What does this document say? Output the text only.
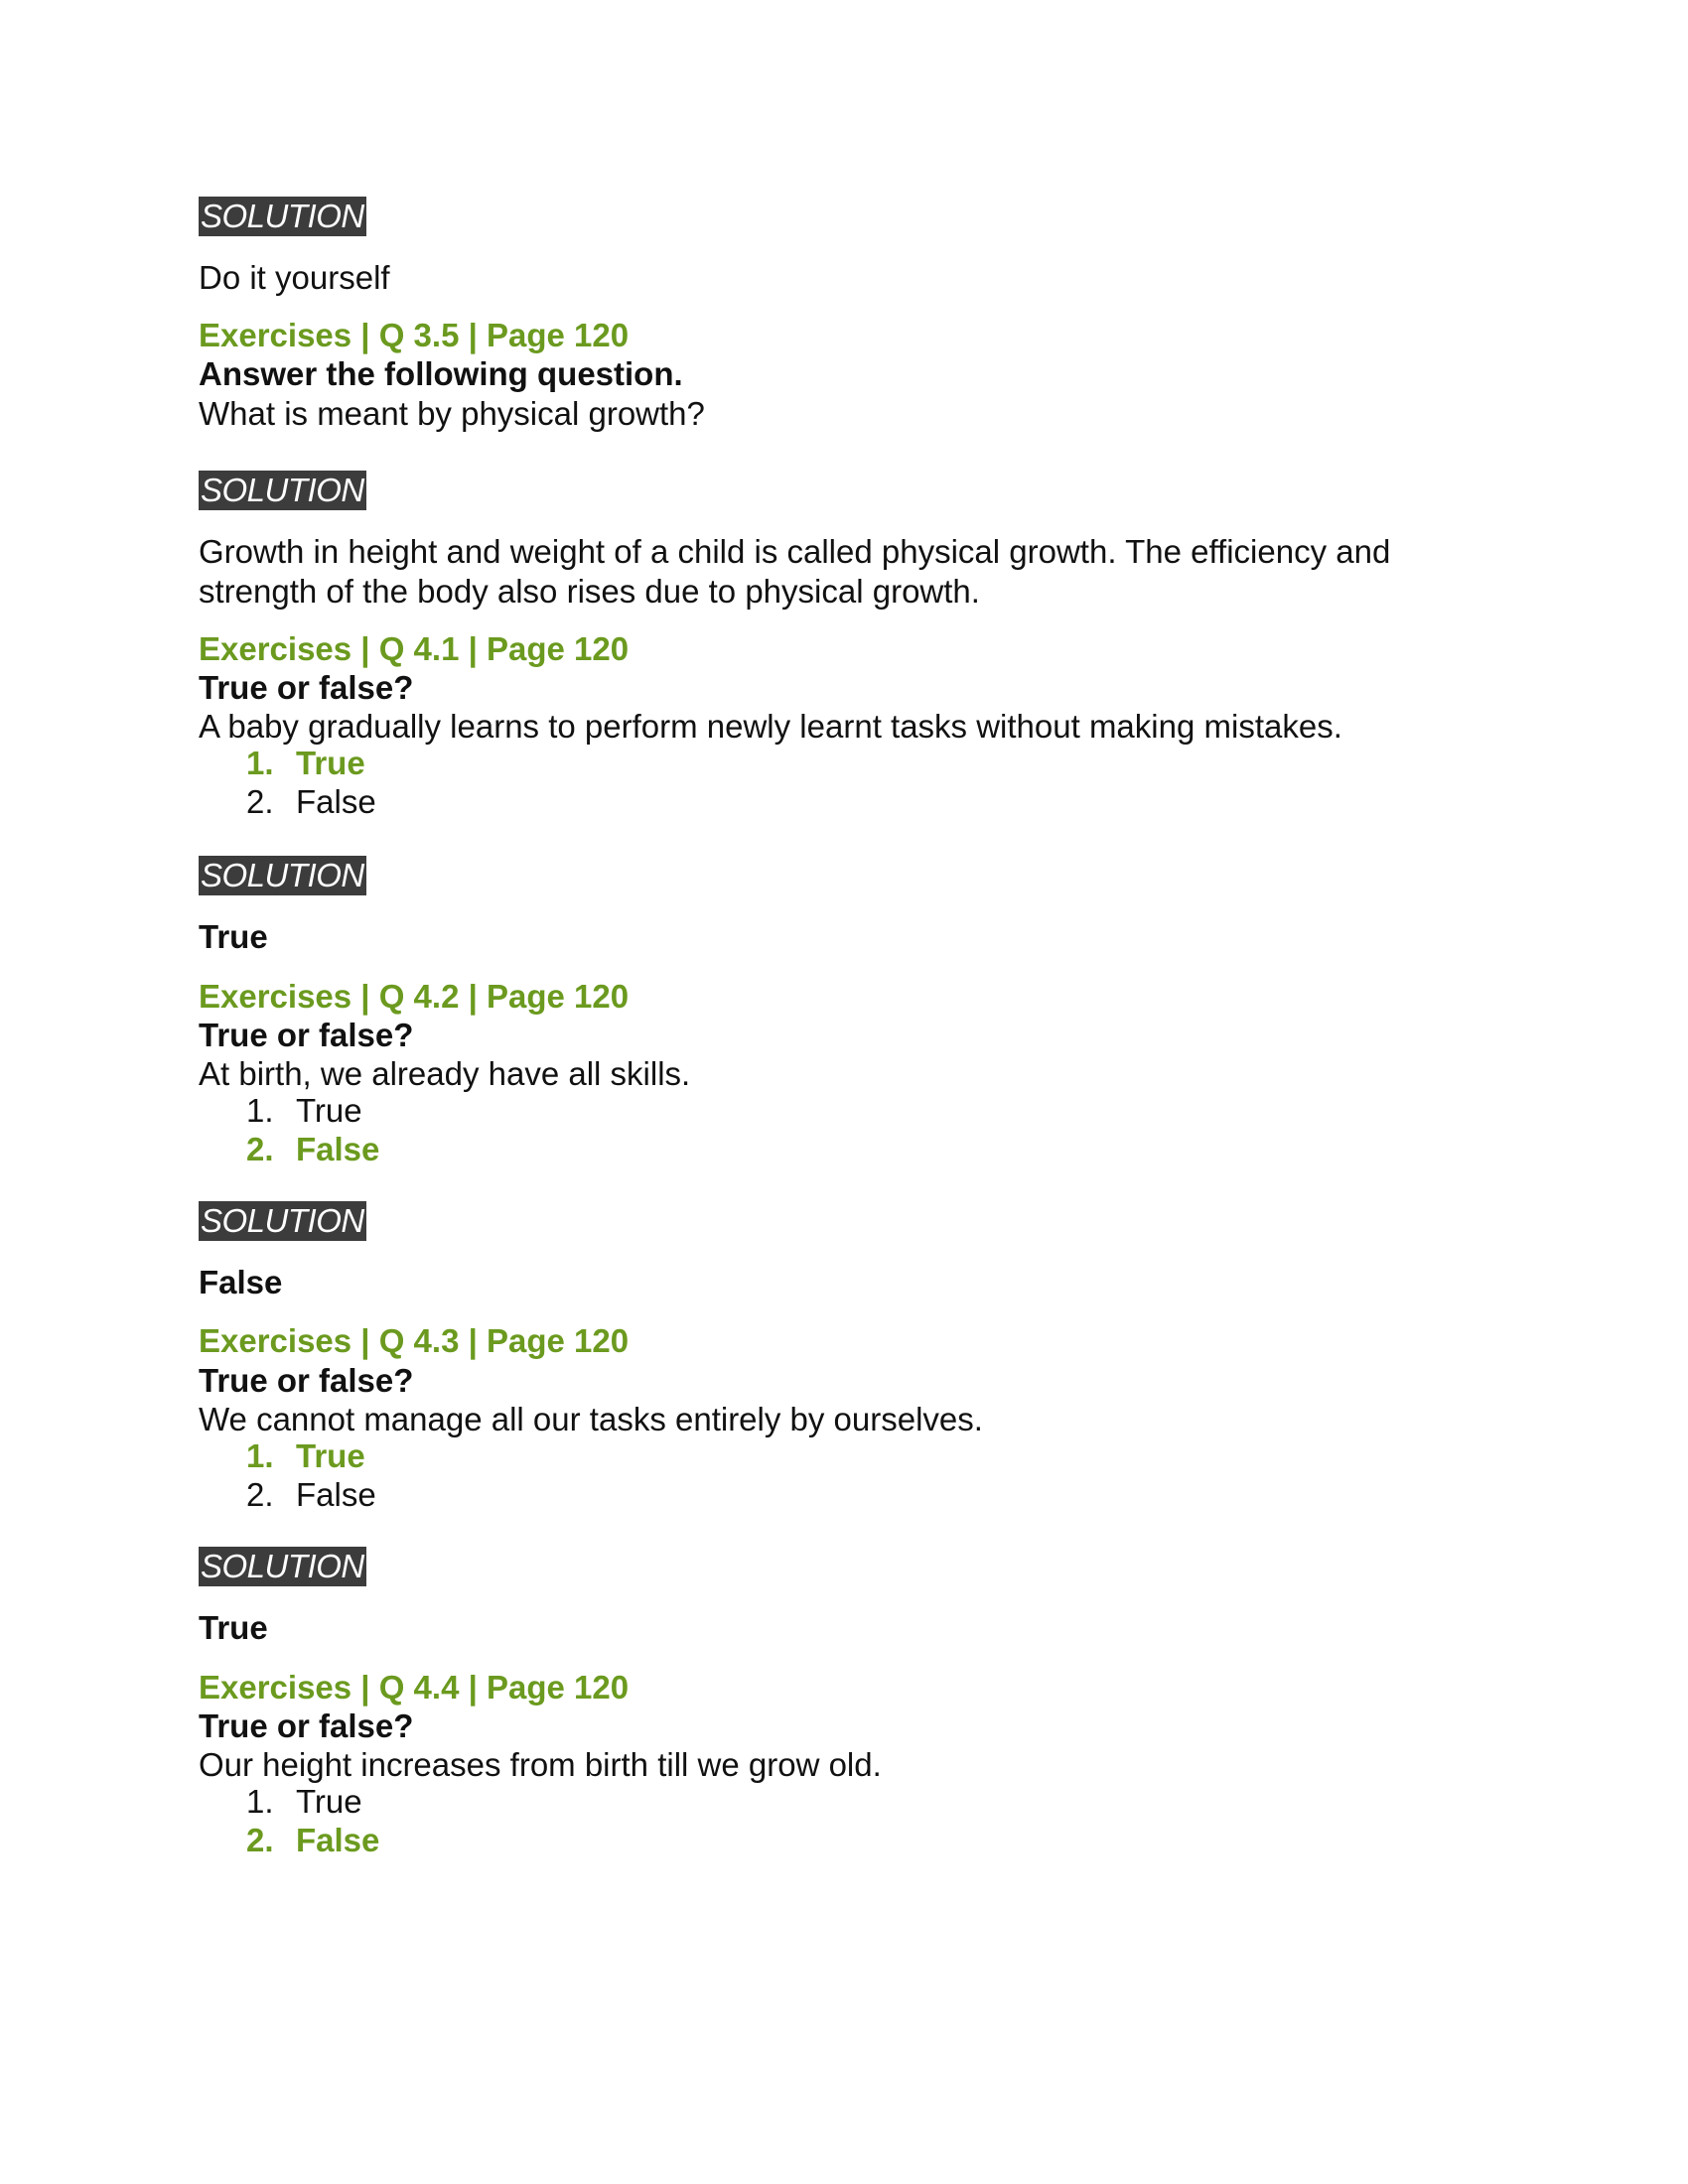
SOLUTION
Do it yourself
Exercises | Q 3.5 | Page 120
Answer the following question.
What is meant by physical growth?
SOLUTION
Growth in height and weight of a child is called physical growth. The efficiency and strength of the body also rises due to physical growth.
Exercises | Q 4.1 | Page 120
True or false?
A baby gradually learns to perform newly learnt tasks without making mistakes.
1. True
2. False
SOLUTION
True
Exercises | Q 4.2 | Page 120
True or false?
At birth, we already have all skills.
1. True
2. False
SOLUTION
False
Exercises | Q 4.3 | Page 120
True or false?
We cannot manage all our tasks entirely by ourselves.
1. True
2. False
SOLUTION
True
Exercises | Q 4.4 | Page 120
True or false?
Our height increases from birth till we grow old.
1. True
2. False
